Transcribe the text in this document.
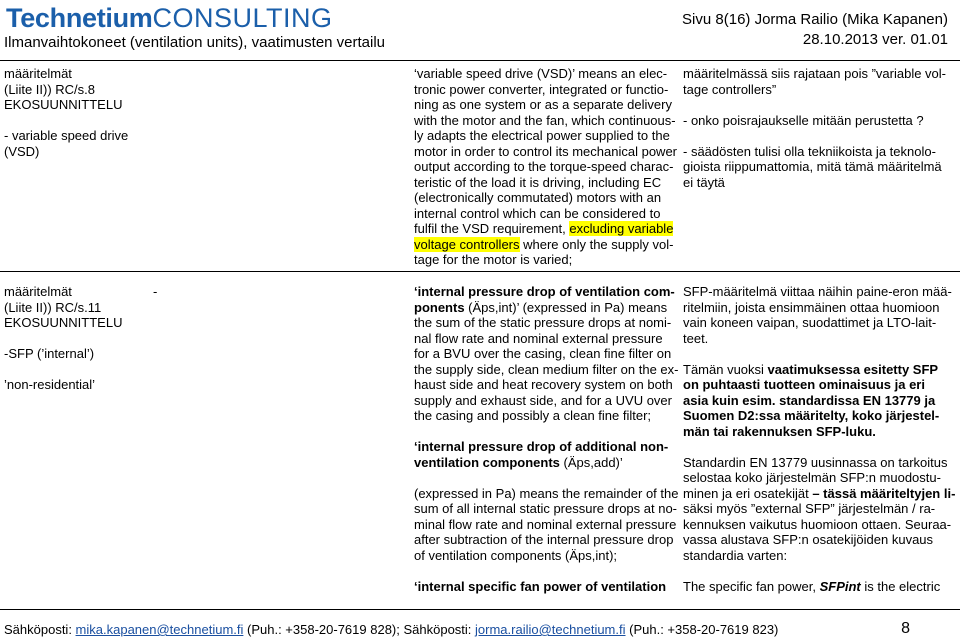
TechnetiumCONSULTING
Ilmanvaihtokoneet (ventilation units), vaatimusten vertailu
Sivu 8(16) Jorma Railio (Mika Kapanen)
28.10.2013 ver. 01.01
määritelmät
(Liite II)) RC/s.8
EKOSUUNNITTELU
- variable speed drive
(VSD)
‘variable speed drive (VSD)’ means an elec-
tronic power converter, integrated or functio-
ning as one system or as a separate delivery
with the motor and the fan, which continuous-
ly adapts the electrical power supplied to the
motor in order to control its mechanical power
output according to the torque-speed charac-
teristic of the load it is driving, including EC
(electronically commutated) motors with an
internal control which can be considered to
fulfil the VSD requirement, excluding variable
voltage controllers where only the supply vol-
tage for the motor is varied;
määritelmässä siis rajataan pois ”variable vol-
tage controllers”
- onko poisrajaukselle mitään perustetta ?
- säädösten tulisi olla tekniikoista ja teknolo-
gioista riippumattomia, mitä tämä määritelmä
ei täytä
määritelmät
(Liite II)) RC/s.11
EKOSUUNNITTELU
-SFP (’internal’)
’non-residential’
-	‘internal pressure drop of ventilation com-
ponents (Äps,int)’ (expressed in Pa) means
the sum of the static pressure drops at nomi-
nal flow rate and nominal external pressure
for a BVU over the casing, clean fine filter on
the supply side, clean medium filter on the ex-
haust side and heat recovery system on both
supply and exhaust side, and for a UVU over
the casing and possibly a clean fine filter;
‘internal pressure drop of additional non-
ventilation components (Äps,add)’
(expressed in Pa) means the remainder of the
sum of all internal static pressure drops at no-
minal flow rate and nominal external pressure
after subtraction of the internal pressure drop
of ventilation components (Äps,int);
‘internal specific fan power of ventilation
SFP-määritelmä viittaa näihin paine-eron mää-
ritelmiin, joista ensimmäinen ottaa huomioon
vain koneen vaipan, suodattimet ja LTO-lait-
teet.
Tämän vuoksi vaatimuksessa esitetty SFP
on puhtaasti tuotteen ominaisuus ja eri
asia kuin esim. standardissa EN 13779 ja
Suomen D2:ssa määritelty, koko järjestel-
män tai rakennuksen SFP-luku.
Standardin EN 13779 uusinnassa on tarkoitus
selostaa koko järjestelmän SFP:n muodostu-
minen ja eri osatekijät – tässä määriteltyjen li-
säksi myös ”external SFP” järjestelmän / ra-
kennuksen vaikutus huomioon ottaen. Seuraa-
vassa alustava SFP:n osatekijöiden kuvaus
standardia varten:
The specific fan power, SFPint is the electric
Sähköposti: mika.kapanen@technetium.fi (Puh.: +358-20-7619 828); Sähköposti: jorma.railio@technetium.fi (Puh.: +358-20-7619 823)	8
